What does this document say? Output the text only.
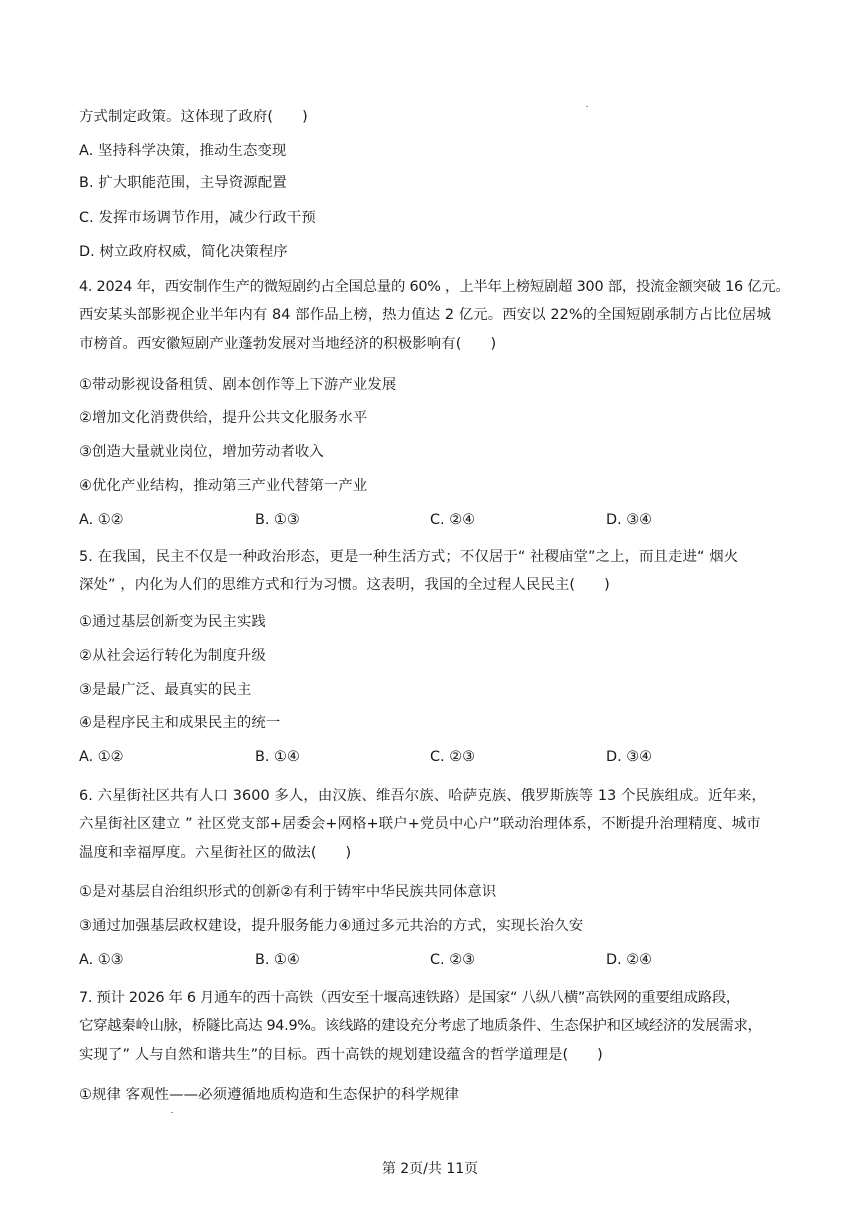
方式制定政策。这体现了政府(　　)
A. 坚持科学决策，推动生态变现
B. 扩大职能范围，主导资源配置
C. 发挥市场调节作用，减少行政干预
D. 树立政府权威，简化决策程序
4. 2024 年，西安制作生产的微短剧约占全国总量的 60% ，上半年上榜短剧超 300 部，投流金额突破 16 亿元。
西安某头部影视企业半年内有 84 部作品上榜，热力值达 2 亿元。西安以 22%的全国短剧承制方占比位居城
市榜首。西安徽短剧产业蓬勃发展对当地经济的积极影响有(　　)
①带动影视设备租赁、剧本创作等上下游产业发展
②增加文化消费供给，提升公共文化服务水平
③创造大量就业岗位，增加劳动者收入
④优化产业结构，推动第三产业代替第一产业
A. ①②	B. ①③	C. ②④	D. ③④
5. 在我国，民主不仅是一种政治形态，更是一种生活方式；不仅居于“ 社稷庙堂”之上，而且走进“ 烟火
深处” ，内化为人们的思维方式和行为习惯。这表明，我国的全过程人民民主(　　)
①通过基层创新变为民主实践
②从社会运行转化为制度升级
③是最广泛、最真实的民主
④是程序民主和成果民主的统一
A. ①②	B. ①④	C. ②③	D. ③④
6. 六星街社区共有人口 3600 多人，由汉族、维吾尔族、哈萨克族、俄罗斯族等 13 个民族组成。近年来，
六星街社区建立 ” 社区党支部+居委会+网格+联户+党员中心户”联动治理体系，不断提升治理精度、城市
温度和幸福厚度。六星街社区的做法(　　)
①是对基层自治组织形式的创新②有利于铸牢中华民族共同体意识
③通过加强基层政权建设，提升服务能力④通过多元共治的方式，实现长治久安
A. ①③	B. ①④	C. ②③	D. ②④
7. 预计 2026 年 6 月通车的西十高铁（西安至十堰高速铁路）是国家“ 八纵八横”高铁网的重要组成路段，
它穿越秦岭山脉，桥隧比高达 94.9%。该线路的建设充分考虑了地质条件、生态保护和区域经济的发展需求，
实现了” 人与自然和谐共生”的目标。西十高铁的规划建设蕴含的哲学道理是(　　)
①规律 客观性——必须遵循地质构造和生态保护的科学规律
第 2页/共 11页
